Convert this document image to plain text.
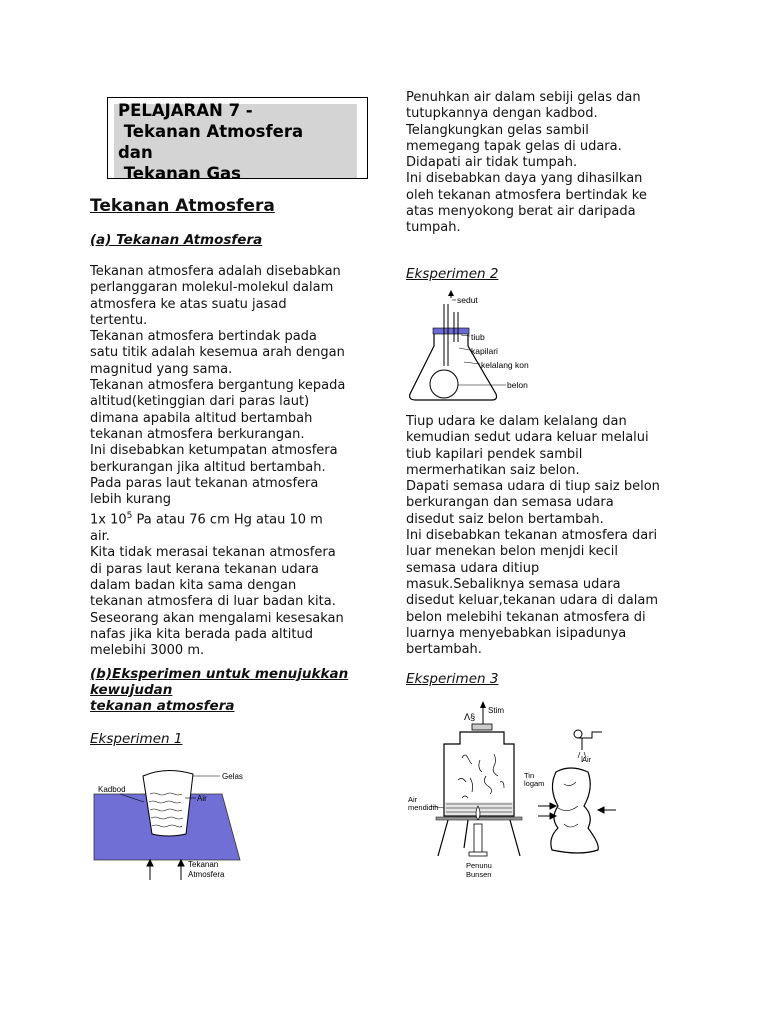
PELAJARAN 7 -
Tekanan Atmosfera
dan
Tekanan Gas
Tekanan Atmosfera
(a) Tekanan Atmosfera
Tekanan atmosfera adalah disebabkan
perlanggaran molekul-molekul dalam
atmosfera ke atas suatu jasad
tertentu.
Tekanan atmosfera bertindak pada
satu titik adalah kesemua arah dengan
magnitud yang sama.
Tekanan atmosfera bergantung kepada
altitud(ketinggian dari paras laut)
dimana apabila altitud bertambah
tekanan atmosfera berkurangan.
Ini disebabkan ketumpatan atmosfera
berkurangan jika altitud bertambah.
Pada paras laut tekanan atmosfera
lebih kurang
1x $10^5$ Pa atau 76 cm Hg atau 10 m
air.
Kita tidak merasai tekanan atmosfera
di paras laut kerana tekanan udara
dalam badan kita sama dengan
tekanan atmosfera di luar badan kita.
Seseorang akan mengalami kesesakan
nafas jika kita berada pada altitud
melebihi 3000 m.
(b)Eksperimen untuk menujukkan
kewujudan
tekanan atmosfera
Eksperimen 1
Gelas
Air
Kadbod
Tekanan
Atmosfera
Penuhkan air dalam sebiji gelas dan
tutupkannya dengan kadbod.
Telangkungkan gelas sambil
memegang tapak gelas di udara.
Didapati air tidak tumpah.
Ini disebabkan daya yang dihasilkan
oleh tekanan atmosfera bertindak ke
atas menyokong berat air daripada
tumpah.
Eksperimen 2
sedut
tiub
kapilari
kelalang kon
belon
Tiup udara ke dalam kelalang dan
kemudian sedut udara keluar melalui
tiub kapilari pendek sambil
mermerhatikan saiz belon.
Dapati semasa udara di tiup saiz belon
berkurangan dan semasa udara
disedut saiz belon bertambah.
Ini disebabkan tekanan atmosfera dari
luar menekan belon menjdi kecil
semasa udara ditiup
masuk.Sebaliknya semasa udara
disedut keluar,tekanan udara di dalam
belon melebihi tekanan atmosfera di
luarnya menyebabkan isipadunya
bertambah.
Eksperimen 3
Stim
ᐱ§
Penunu
Bunsen
Air
mendidih
Tin
logam
Air
